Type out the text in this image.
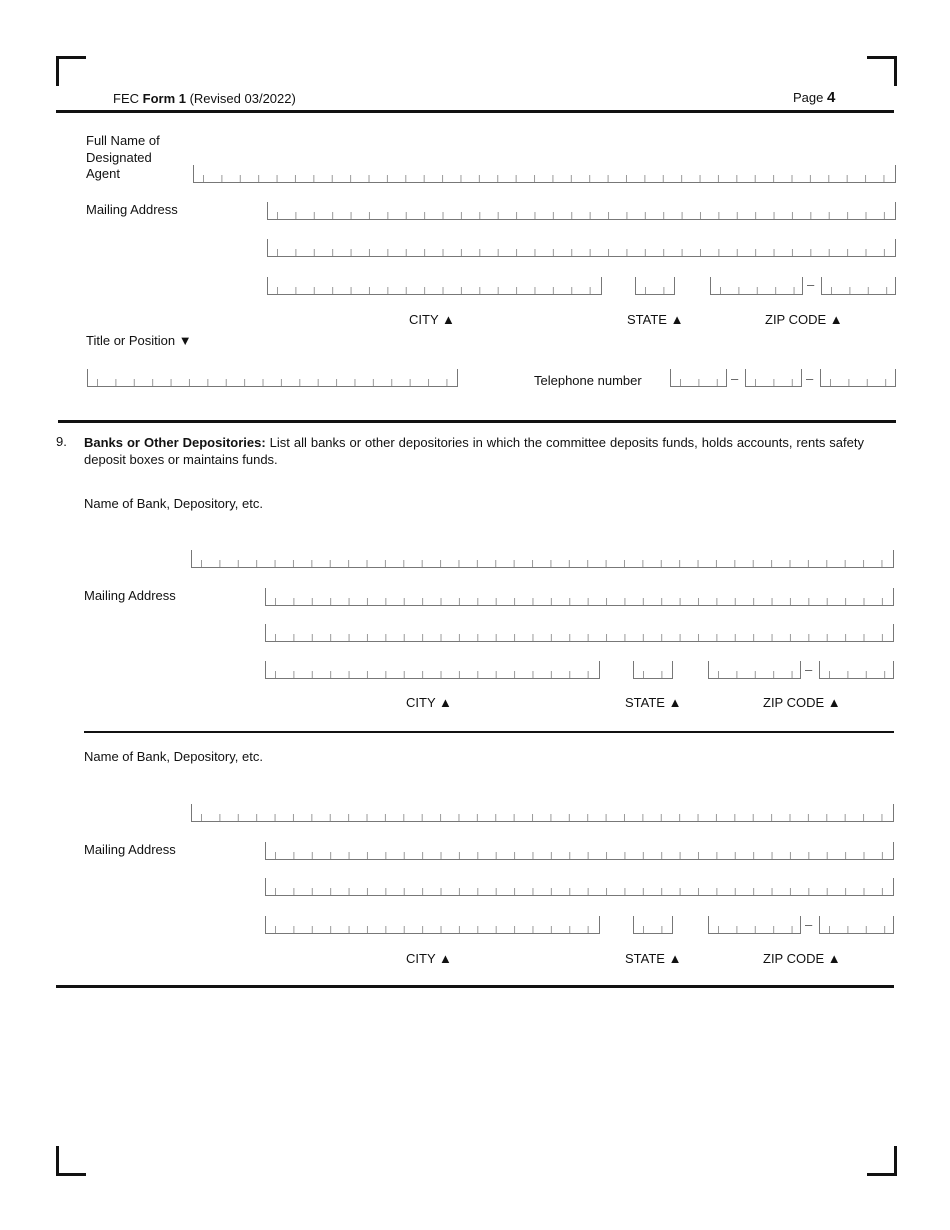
FEC Form 1 (Revised 03/2022)	Page 4
Full Name of
Designated
Agent
Mailing Address
–
CITY ▲	STATE ▲	ZIP CODE ▲
Title or Position ▼
Telephone number	–	–
9. Banks or Other Depositories: List all banks or other depositories in which the committee deposits funds, holds accounts, rents safety deposit boxes or maintains funds.
Name of Bank, Depository, etc.
Mailing Address
–
CITY ▲	STATE ▲	ZIP CODE ▲
Name of Bank, Depository, etc.
Mailing Address
–
CITY ▲	STATE ▲	ZIP CODE ▲
